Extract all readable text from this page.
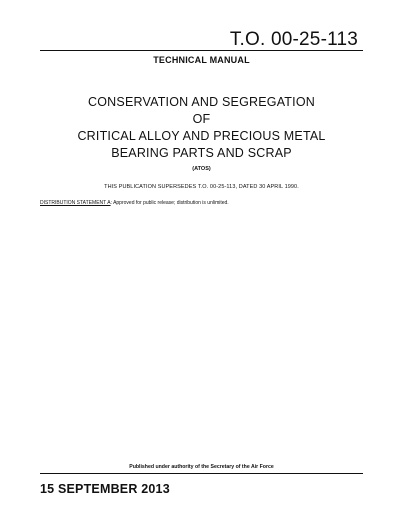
T.O. 00-25-113
TECHNICAL MANUAL
CONSERVATION AND SEGREGATION
OF
CRITICAL ALLOY AND PRECIOUS METAL
BEARING PARTS AND SCRAP
(ATOS)
THIS PUBLICATION SUPERSEDES T.O. 00-25-113, DATED 30 APRIL 1990.
DISTRIBUTION STATEMENT A: Approved for public release; distribution is unlimited.
Published under authority of the Secretary of the Air Force
15 SEPTEMBER 2013
